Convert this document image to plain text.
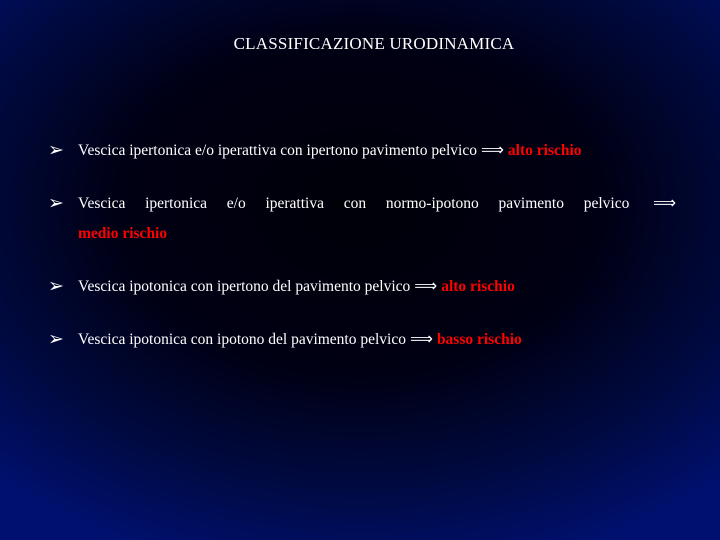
CLASSIFICAZIONE URODINAMICA
➢ Vescica ipertonica e/o iperattiva con ipertono pavimento pelvico ⟹ alto rischio
➢ Vescica ipertonica e/o iperattiva con normo-ipotono pavimento pelvico ⟹
medio rischio
➢ Vescica ipotonica con ipertono del pavimento pelvico ⟹ alto rischio
➢ Vescica ipotonica con ipotono del pavimento pelvico ⟹ basso rischio
